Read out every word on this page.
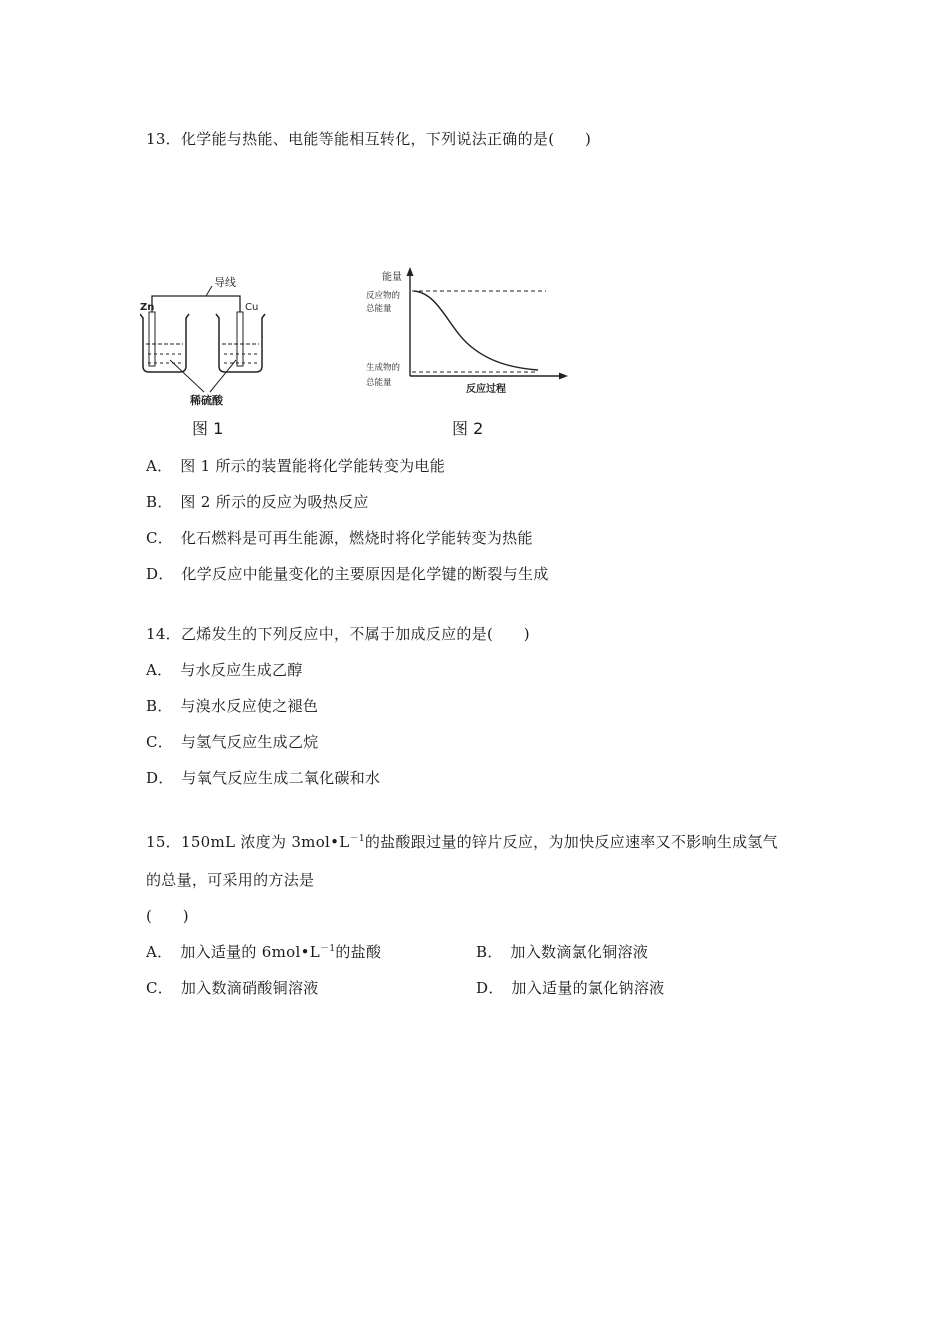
13．化学能与热能、电能等能相互转化，下列说法正确的是(　　)
导线
Zn	Cu
稀硫酸
图 1
能量
反应物的
总能量
生成物的
总能量
反应过程
图 2
A．　图 1 所示的装置能将化学能转变为电能
B．　图 2 所示的反应为吸热反应
C．　化石燃料是可再生能源，燃烧时将化学能转变为热能
D．　化学反应中能量变化的主要原因是化学键的断裂与生成
14．乙烯发生的下列反应中，不属于加成反应的是(　　)
A．　与水反应生成乙醇
B．　与溴水反应使之褪色
C．　与氢气反应生成乙烷
D．　与氧气反应生成二氧化碳和水
15．150mL 浓度为 $3mol•L^{-1}$的盐酸跟过量的锌片反应，为加快反应速率又不影响生成氢气
的总量，可采用的方法是
(　　)
A．　加入适量的 $6mol•L^{-1}$的盐酸	B．　加入数滴氯化铜溶液
C．　加入数滴硝酸铜溶液	D．　加入适量的氯化钠溶液
